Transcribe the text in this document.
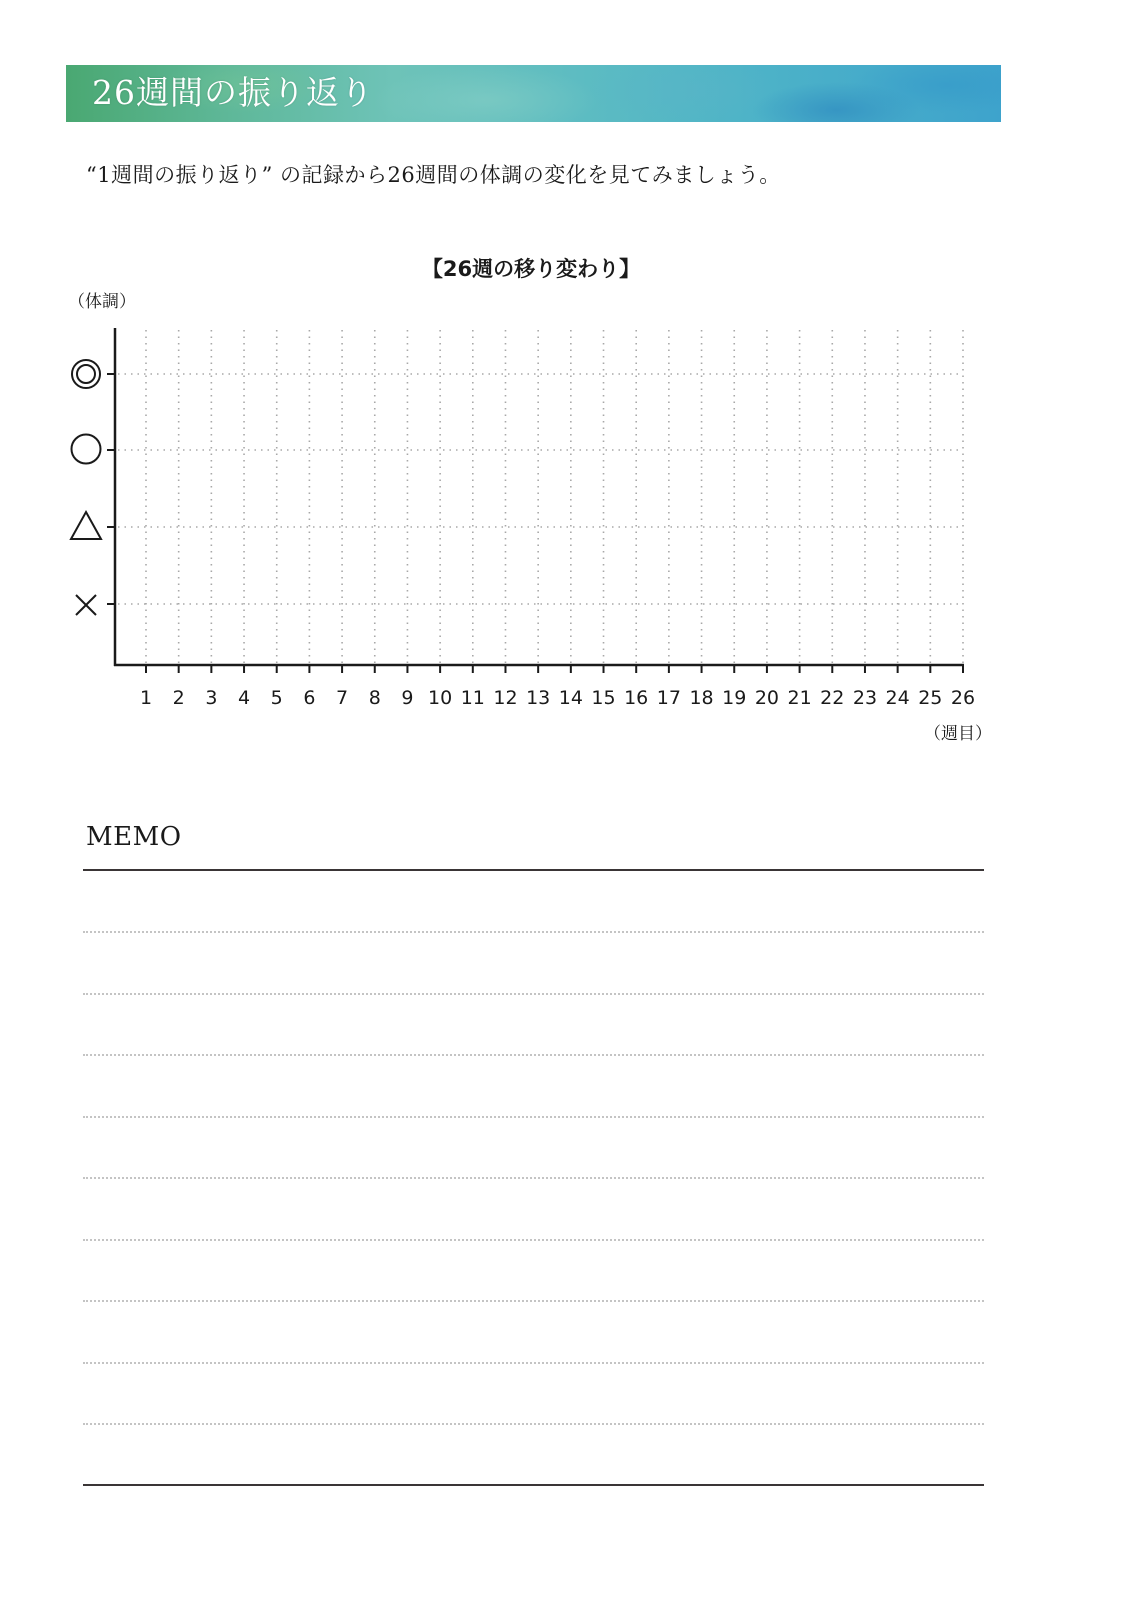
26週間の振り返り
“1週間の振り返り” の記録から26週間の体調の変化を見てみましょう。
【26週の移り変わり】
（体調）
（週目）
1 2 3 4 5 6 7 8 9 10 11 12 13 14 15 16 17 18 19 20 21 22 23 24 25 26
MEMO
